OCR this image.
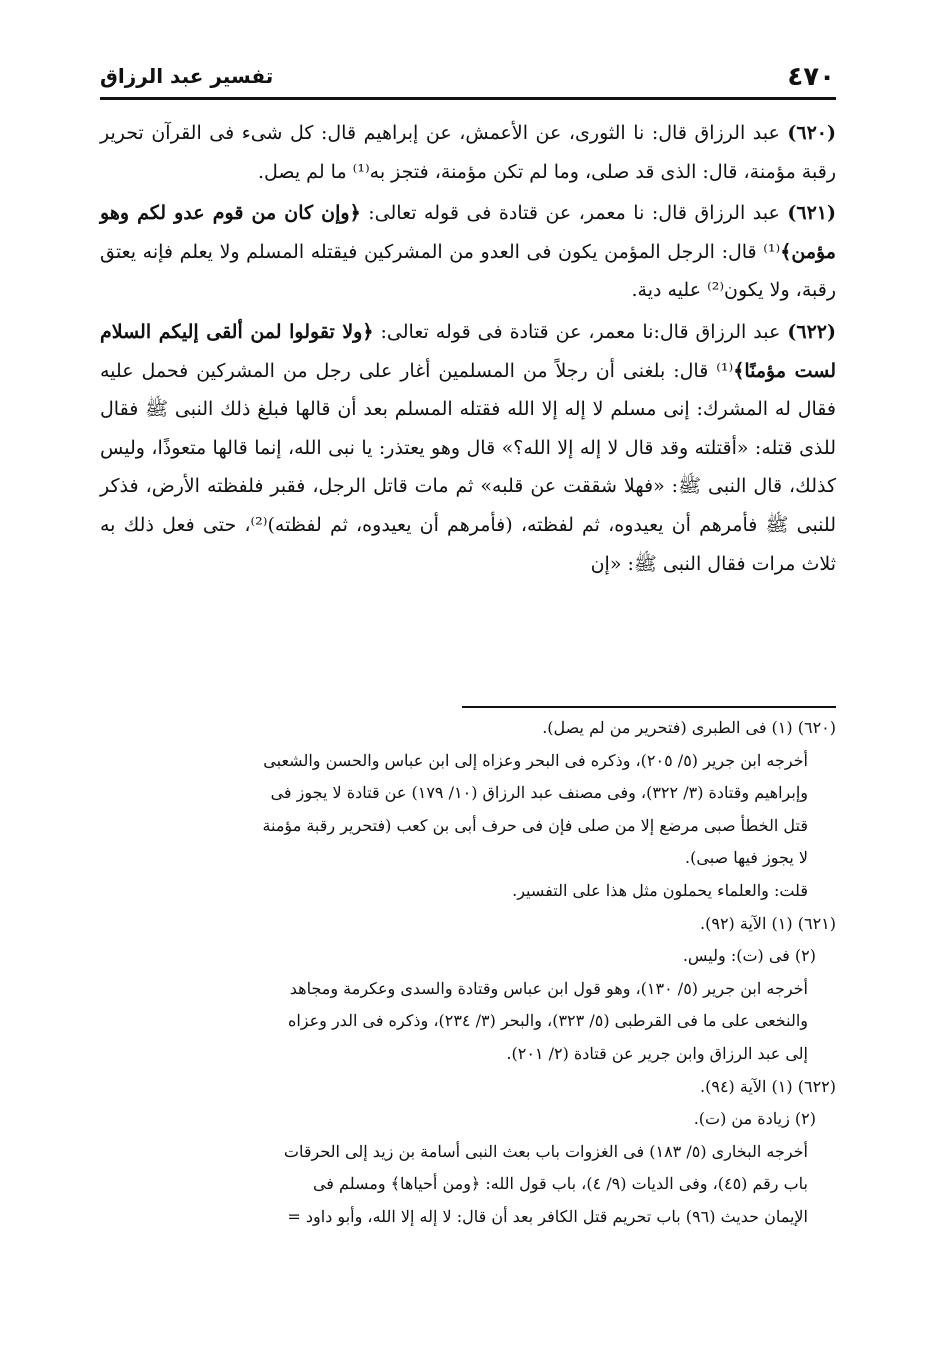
٤٧٠
تفسير عبد الرزاق

(٦٢٠) عبد الرزاق قال: نا الثورى، عن الأعمش، عن إبراهيم قال: كل شىء فى القرآن تحرير رقبة مؤمنة، قال: الذى قد صلى، وما لم تكن مؤمنة، فتجز به⁽¹⁾ ما لم يصل.

(٦٢١) عبد الرزاق قال: نا معمر، عن قتادة فى قوله تعالى: ﴿وإن كان من قوم عدو لكم وهو مؤمن﴾⁽¹⁾ قال: الرجل المؤمن يكون فى العدو من المشركين فيقتله المسلم ولا يعلم فإنه يعتق رقبة، ولا يكون⁽²⁾ عليه دية.

(٦٢٢) عبد الرزاق قال:نا معمر، عن قتادة فى قوله تعالى: ﴿ولا تقولوا لمن ألقى إليكم السلام لست مؤمنًا﴾⁽¹⁾ قال: بلغنى أن رجلاً من المسلمين أغار على رجل من المشركين فحمل عليه فقال له المشرك: إنى مسلم لا إله إلا الله فقتله المسلم بعد أن قالها فبلغ ذلك النبى ﷺ فقال للذى قتله: «أقتلته وقد قال لا إله إلا الله؟» قال وهو يعتذر: يا نبى الله، إنما قالها متعوذًا، وليس كذلك، قال النبى ﷺ: «فهلا شققت عن قلبه» ثم مات قاتل الرجل، فقبر فلفظته الأرض، فذكر للنبى ﷺ فأمرهم أن يعيدوه، ثم لفظته، (فأمرهم أن يعيدوه، ثم لفظته)⁽²⁾، حتى فعل ذلك به ثلاث مرات فقال النبى ﷺ: «إن

(٦٢٠) (١) فى الطبرى (فتحرير من لم يصل).

أخرجه ابن جرير (٥/ ٢٠٥)، وذكره فى البحر وعزاه إلى ابن عباس والحسن والشعبى

وإبراهيم وقتادة (٣/ ٣٢٢)، وفى مصنف عبد الرزاق (١٠/ ١٧٩) عن قتادة لا يجوز فى

قتل الخطأ صبى مرضع إلا من صلى فإن فى حرف أبى بن كعب (فتحرير رقبة مؤمنة

لا يجوز فيها صبى).

قلت: والعلماء يحملون مثل هذا على التفسير.

(٦٢١) (١) الآية (٩٢).

(٢) فى (ت): وليس.

أخرجه ابن جرير (٥/ ١٣٠)، وهو قول ابن عباس وقتادة والسدى وعكرمة ومجاهد

والنخعى على ما فى القرطبى (٥/ ٣٢٣)، والبحر (٣/ ٢٣٤)، وذكره فى الدر وعزاه

إلى عبد الرزاق وابن جرير عن قتادة (٢/ ٢٠١).

(٦٢٢) (١) الآية (٩٤).

(٢) زيادة من (ت).

أخرجه البخارى (٥/ ١٨٣) فى الغزوات باب بعث النبى أسامة بن زيد إلى الحرقات

باب رقم (٤٥)، وفى الديات (٩/ ٤)، باب قول الله: ﴿ومن أحياها﴾ ومسلم فى

الإيمان حديث (٩٦) باب تحريم قتل الكافر بعد أن قال: لا إله إلا الله، وأبو داود =
